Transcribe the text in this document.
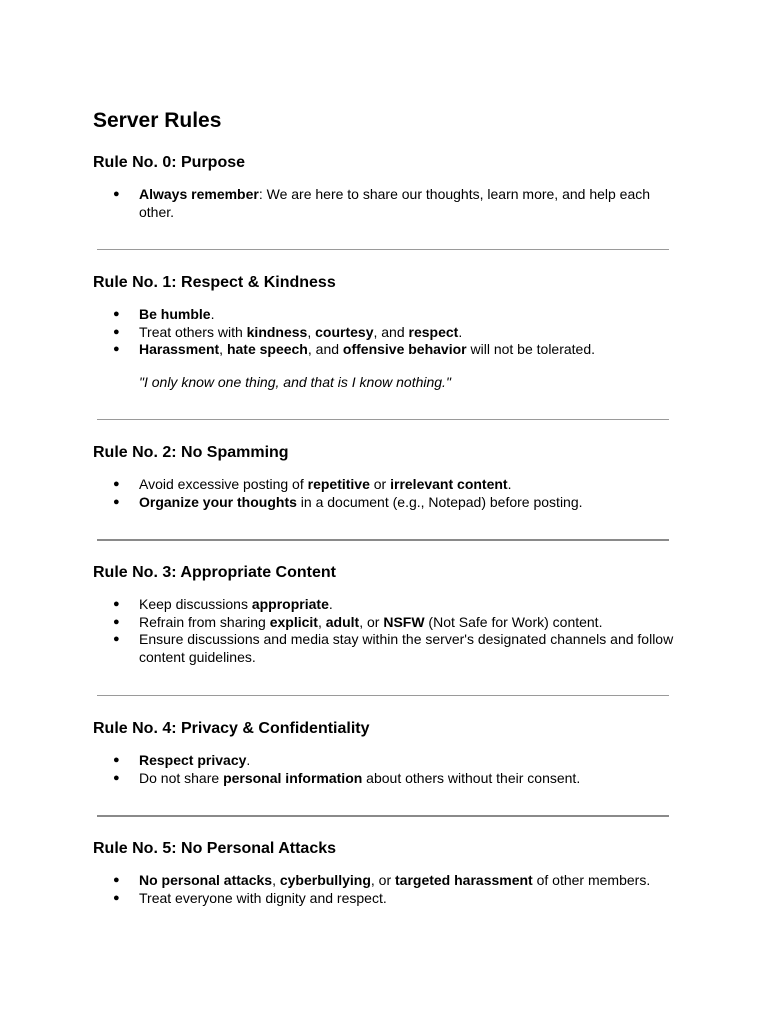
Server Rules
Rule No. 0: Purpose
● Always remember: We are here to share our thoughts, learn more, and help each other.
Rule No. 1: Respect & Kindness
● Be humble.
● Treat others with kindness, courtesy, and respect.
● Harassment, hate speech, and offensive behavior will not be tolerated.

"I only know one thing, and that is I know nothing."

Rule No. 2: No Spamming
● Avoid excessive posting of repetitive or irrelevant content.
● Organize your thoughts in a document (e.g., Notepad) before posting.
Rule No. 3: Appropriate Content
● Keep discussions appropriate.
● Refrain from sharing explicit, adult, or NSFW (Not Safe for Work) content.
● Ensure discussions and media stay within the server's designated channels and follow content guidelines.
Rule No. 4: Privacy & Confidentiality
● Respect privacy.
● Do not share personal information about others without their consent.
Rule No. 5: No Personal Attacks
● No personal attacks, cyberbullying, or targeted harassment of other members.
● Treat everyone with dignity and respect.
